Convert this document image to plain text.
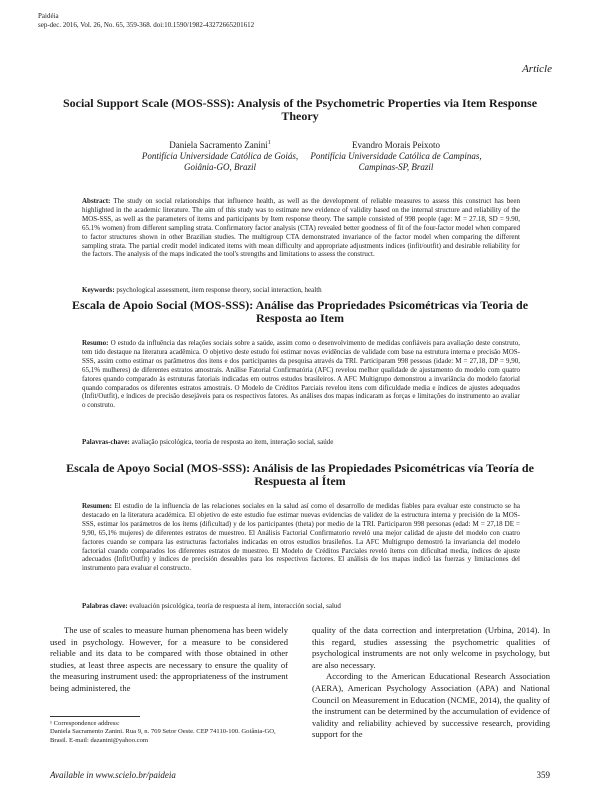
Paidéia
sep-dec. 2016, Vol. 26, No. 65, 359-368. doi:10.1590/1982-43272665201612
Article
Social Support Scale (MOS-SSS): Analysis of the Psychometric Properties via Item Response Theory
Daniela Sacramento Zanini$^1$
Pontifícia Universidade Católica de Goiás,
Goiânia-GO, Brazil
Evandro Morais Peixoto
Pontifícia Universidade Católica de Campinas,
Campinas-SP, Brazil
Abstract: The study on social relationships that influence health, as well as the development of reliable measures to assess this construct has been highlighted in the academic literature. The aim of this study was to estimate new evidence of validity based on the internal structure and reliability of the MOS-SSS, as well as the parameters of items and participants by Item response theory. The sample consisted of 998 people (age: M = 27.18, SD = 9.90, 65.1% women) from different sampling strata. Confirmatory factor analysis (CTA) revealed better goodness of fit of the four-factor model when compared to factor structures shown in other Brazilian studies. The multigroup CTA demonstrated invariance of the factor model when comparing the different sampling strata. The partial credit model indicated items with mean difficulty and appropriate adjustments indices (infit/outfit) and desirable reliability for the factors. The analysis of the maps indicated the tool's strengths and limitations to assess the construct.
Keywords: psychological assessment, item response theory, social interaction, health
Escala de Apoio Social (MOS-SSS): Análise das Propriedades Psicométricas via Teoria de Resposta ao Item
Resumo: O estudo da influência das relações sociais sobre a saúde, assim como o desenvolvimento de medidas confiáveis para avaliação deste construto, tem tido destaque na literatura acadêmica. O objetivo deste estudo foi estimar novas evidências de validade com base na estrutura interna e precisão MOS-SSS, assim como estimar os parâmetros dos itens e dos participantes da pesquisa através da TRI. Participaram 998 pessoas (idade: M = 27,18, DP = 9,90, 65,1% mulheres) de diferentes estratos amostrais. Análise Fatorial Confirmatória (AFC) revelou melhor qualidade de ajustamento do modelo com quatro fatores quando comparado às estruturas fatoriais indicadas em outros estudos brasileiros. A AFC Multigrupo demonstrou a invariância do modelo fatorial quando comparados os diferentes estratos amostrais. O Modelo de Créditos Parciais revelou itens com dificuldade media e índices de ajustes adequados (Infit/Outfit), e índices de precisão desejáveis para os respectivos fatores. As análises dos mapas indicaram as forças e limitações do instrumento ao avaliar o construto.
Palavras-chave: avaliação psicológica, teoria de resposta ao item, interação social, saúde
Escala de Apoyo Social (MOS-SSS): Análisis de las Propiedades Psicométricas vía Teoría de Respuesta al Ítem
Resumen: El estudio de la influencia de las relaciones sociales en la salud así como el desarrollo de medidas fiables para evaluar este constructo se ha destacado en la literatura académica. El objetivo de este estudio fue estimar nuevas evidencias de validez de la estructura interna y precisión de la MOS-SSS, estimar los parámetros de los ítems (dificultad) y de los participantes (theta) por medio de la TRI. Participaron 998 personas (edad: M = 27,18 DE = 9,90, 65,1% mujeres) de diferentes estratos de muestreo. El Análisis Factorial Confirmatorio reveló una mejor calidad de ajuste del modelo con cuatro factores cuando se compara las estructuras factoriales indicadas en otros estudios brasileños. La AFC Multigrupo demostró la invariancia del modelo factorial cuando comparados los diferentes estratos de muestreo. El Modelo de Créditos Parciales reveló ítems con dificultad media, índices de ajuste adecuados (Infit/Outfit) y índices de precisión deseables para los respectivos factores. El análisis de los mapas indicó las fuerzas y limitaciones del instrumento para evaluar el constructo.
Palabras clave: evaluación psicológica, teoría de respuesta al ítem, interacción social, salud

The use of scales to measure human phenomena has been widely used in psychology. However, for a measure to be considered reliable and its data to be compared with those obtained in other studies, at least three aspects are necessary to ensure the quality of the measuring instrument used: the appropriateness of the instrument being administered, the

quality of the data correction and interpretation (Urbina, 2014). In this regard, studies assessing the psychometric qualities of psychological instruments are not only welcome in psychology, but are also necessary.

According to the American Educational Research Association (AERA), American Psychology Association (APA) and National Council on Measurement in Education (NCME, 2014), the quality of the instrument can be determined by the accumulation of evidence of validity and reliability achieved by successive research, providing support for the

¹ Correspondence address:
Daniela Sacramento Zanini. Rua 9, n. 769 Setor Oeste. CEP 74110-100. Goiânia-GO, Brasil. E-mail: dazanini@yahoo.com
Available in www.scielo.br/paideia	359
